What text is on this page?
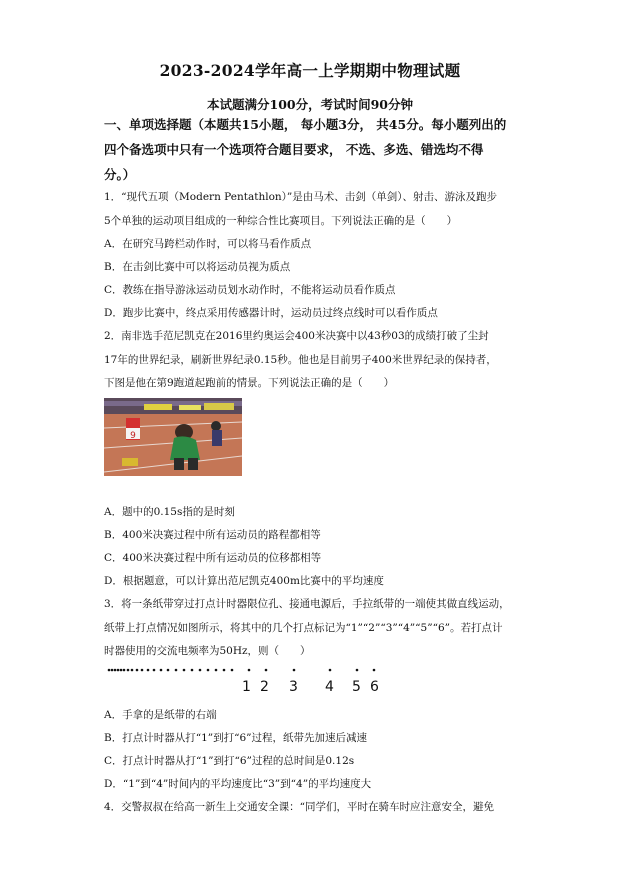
2023-2024学年高一上学期期中物理试题
本试题满分100分，考试时间90分钟
一、单项选择题（本题共15小题， 每小题3分， 共45分。每小题列出的
四个备选项中只有一个选项符合题目要求， 不选、多选、错选均不得
分。）
1．“现代五项（Modern Pentathlon）”是由马术、击剑（单剑）、射击、游泳及跑步
5个单独的运动项目组成的一种综合性比赛项目。下列说法正确的是（　　）
A．在研究马跨栏动作时，可以将马看作质点
B．在击剑比赛中可以将运动员视为质点
C．教练在指导游泳运动员划水动作时，不能将运动员看作质点
D．跑步比赛中，终点采用传感器计时，运动员过终点线时可以看作质点
2．南非选手范尼凯克在2016里约奥运会400米决赛中以43秒03的成绩打破了尘封
17年的世界纪录，刷新世界纪录0.15秒。他也是目前男子400米世界纪录的保持者，
下图是他在第9跑道起跑前的情景。下列说法正确的是（　　）
9
A．题中的0.15s指的是时刻
B．400米决赛过程中所有运动员的路程都相等
C．400米决赛过程中所有运动员的位移都相等
D．根据题意，可以计算出范尼凯克400m比赛中的平均速度
3．将一条纸带穿过打点计时器限位孔、接通电源后，手拉纸带的一端使其做直线运动，
纸带上打点情况如图所示，将其中的几个打点标记为“1”“2”“3”“4”“5”“6”。若打点计
时器使用的交流电频率为50Hz，则（　　）
1 2 3 4 5 6
A．手拿的是纸带的右端
B．打点计时器从打“1”到打“6”过程，纸带先加速后减速
C．打点计时器从打“1”到打“6”过程的总时间是0.12s
D．“1”到“4”时间内的平均速度比“3”到“4”的平均速度大
4．交警叔叔在给高一新生上交通安全课：“同学们，平时在骑车时应注意安全，避免
